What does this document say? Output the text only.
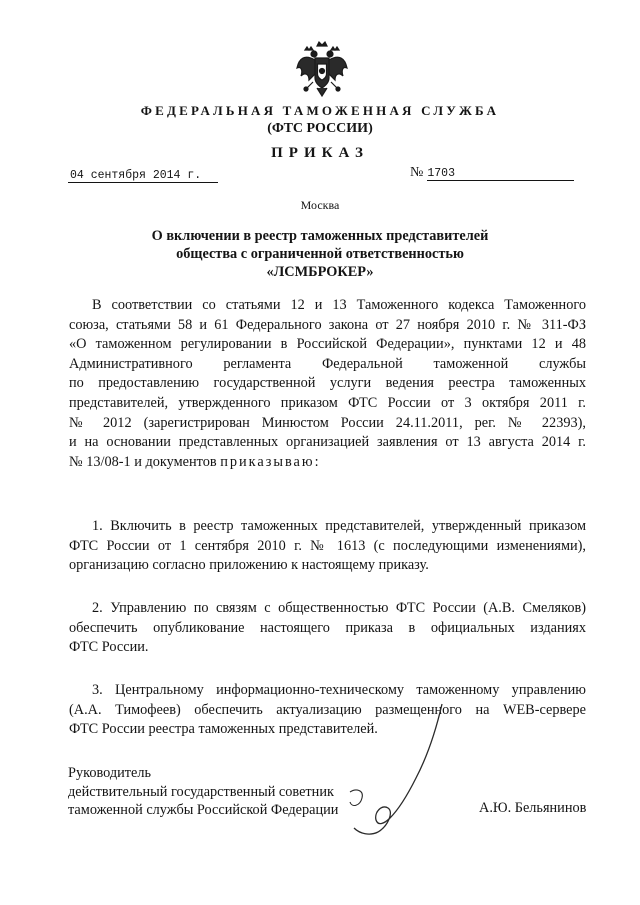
ФЕДЕРАЛЬНАЯ ТАМОЖЕННАЯ СЛУЖБА
(ФТС РОССИИ)
ПРИКАЗ
04 сентября 2014 г.	№ 1703
Москва
О включении в реестр таможенных представителей
общества с ограниченной ответственностью
«ЛСМБРОКЕР»
В соответствии со статьями 12 и 13 Таможенного кодекса Таможенного
союза, статьями 58 и 61 Федерального закона от 27 ноября 2010 г. № 311-ФЗ
«О таможенном регулировании в Российской Федерации», пунктами 12 и 48
Административного регламента Федеральной таможенной службы
по предоставлению государственной услуги ведения реестра таможенных
представителей, утвержденного приказом ФТС России от 3 октября 2011 г.
№ 2012 (зарегистрирован Минюстом России 24.11.2011, рег. № 22393),
и на основании представленных организацией заявления от 13 августа 2014 г.
№ 13/08-1 и документов приказываю:
1. Включить в реестр таможенных представителей, утвержденный приказом
ФТС России от 1 сентября 2010 г. № 1613 (с последующими изменениями),
организацию согласно приложению к настоящему приказу.
2. Управлению по связям с общественностью ФТС России (А.В. Смеляков)
обеспечить опубликование настоящего приказа в официальных изданиях
ФТС России.
3. Центральному информационно-техническому таможенному управлению
(А.А. Тимофеев) обеспечить актуализацию размещенного на WEB-сервере
ФТС России реестра таможенных представителей.
Руководитель
действительный государственный советник
таможенной службы Российской Федерации	А.Ю. Бельянинов
